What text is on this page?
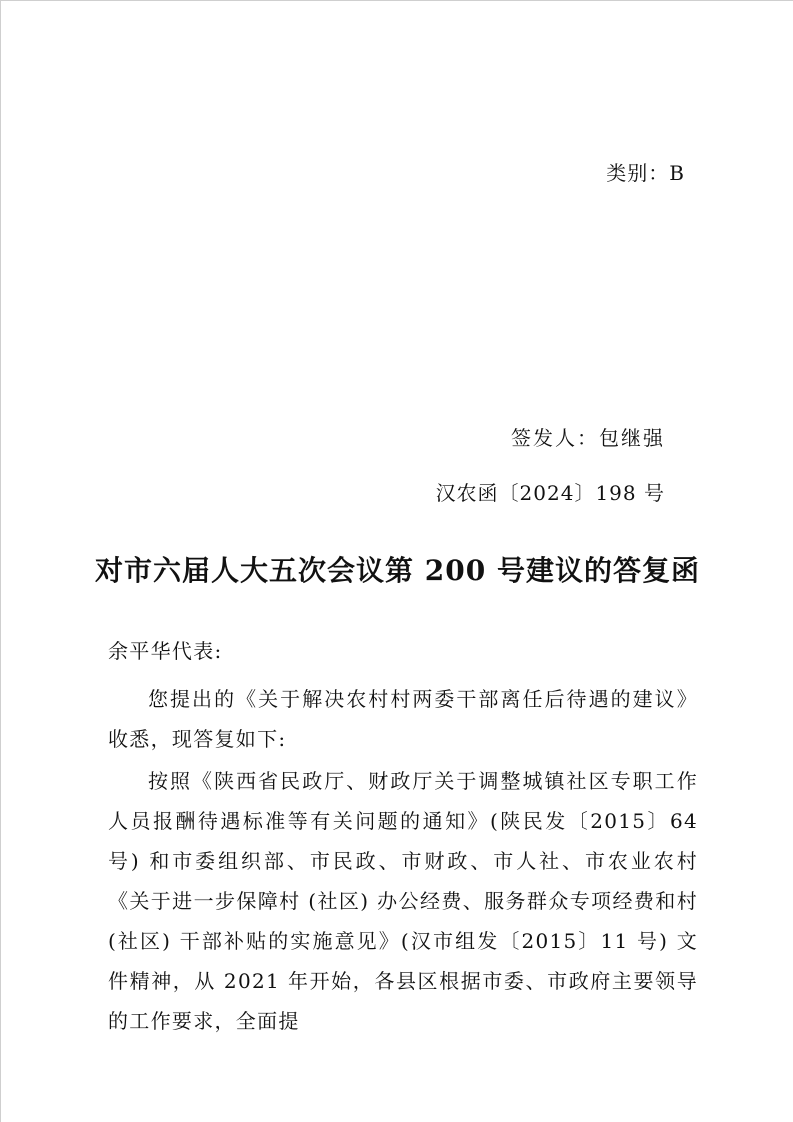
类别：B
签发人：包继强
汉农函〔2024〕198 号
对市六届人大五次会议第 200 号建议的答复函
余平华代表:
您提出的《关于解决农村村两委干部离任后待遇的建议》收悉，现答复如下:
按照《陕西省民政厅、财政厅关于调整城镇社区专职工作人员报酬待遇标准等有关问题的通知》(陕民发〔2015〕64 号) 和市委组织部、市民政、市财政、市人社、市农业农村《关于进一步保障村 (社区) 办公经费、服务群众专项经费和村 (社区) 干部补贴的实施意见》(汉市组发〔2015〕11 号) 文件精神，从 2021 年开始，各县区根据市委、市政府主要领导的工作要求，全面提
